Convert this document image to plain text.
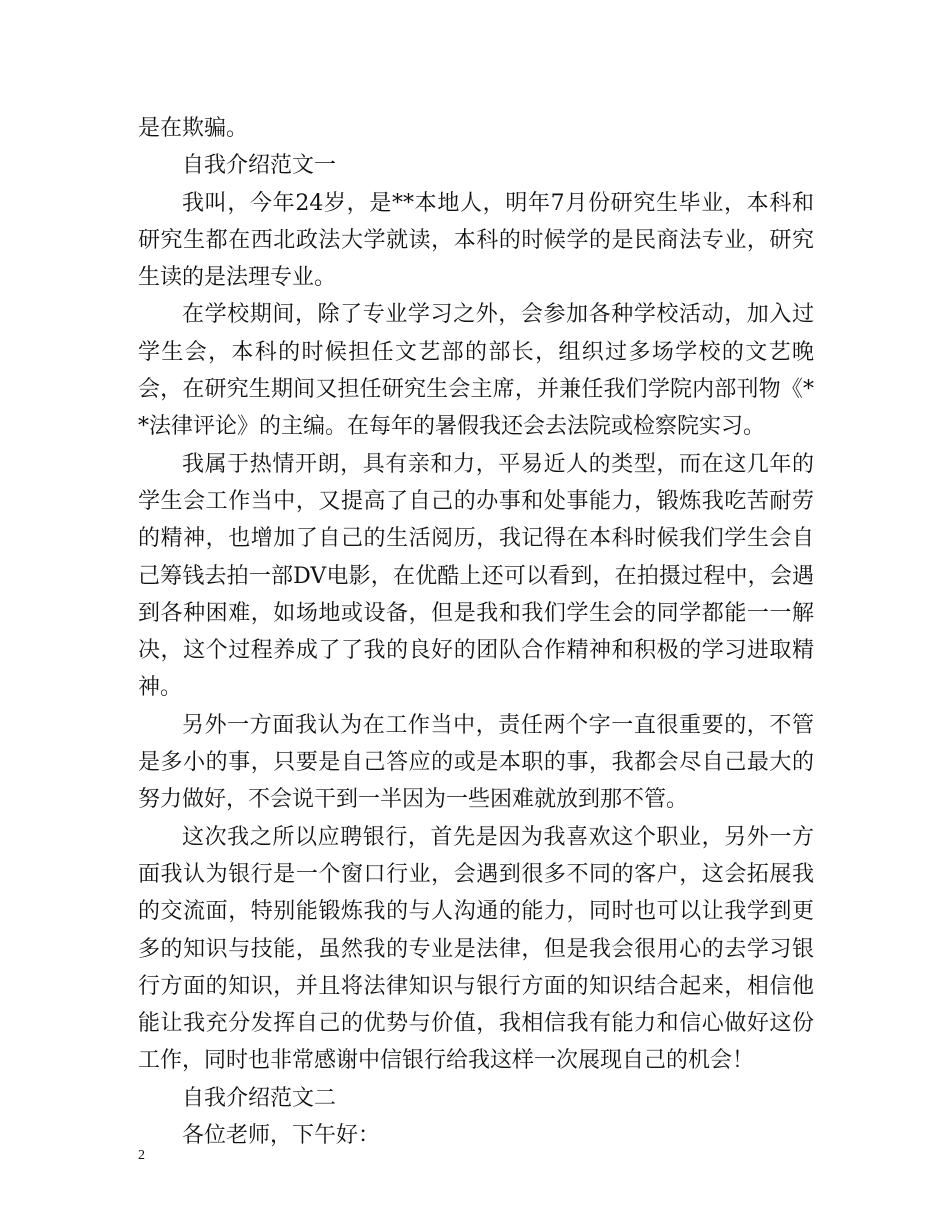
是在欺骗。

自我介绍范文一

我叫，今年24岁，是**本地人，明年7月份研究生毕业，本科和研究生都在西北政法大学就读，本科的时候学的是民商法专业，研究生读的是法理专业。

在学校期间，除了专业学习之外，会参加各种学校活动，加入过学生会，本科的时候担任文艺部的部长，组织过多场学校的文艺晚会，在研究生期间又担任研究生会主席，并兼任我们学院内部刊物《**法律评论》的主编。在每年的暑假我还会去法院或检察院实习。

我属于热情开朗，具有亲和力，平易近人的类型，而在这几年的学生会工作当中，又提高了自己的办事和处事能力，锻炼我吃苦耐劳的精神，也增加了自己的生活阅历，我记得在本科时候我们学生会自己筹钱去拍一部DV电影，在优酷上还可以看到，在拍摄过程中，会遇到各种困难，如场地或设备，但是我和我们学生会的同学都能一一解决，这个过程养成了了我的良好的团队合作精神和积极的学习进取精神。

另外一方面我认为在工作当中，责任两个字一直很重要的，不管是多小的事，只要是自己答应的或是本职的事，我都会尽自己最大的努力做好，不会说干到一半因为一些困难就放到那不管。

这次我之所以应聘银行，首先是因为我喜欢这个职业，另外一方面我认为银行是一个窗口行业，会遇到很多不同的客户，这会拓展我的交流面，特别能锻炼我的与人沟通的能力，同时也可以让我学到更多的知识与技能，虽然我的专业是法律，但是我会很用心的去学习银行方面的知识，并且将法律知识与银行方面的知识结合起来，相信他能让我充分发挥自己的优势与价值，我相信我有能力和信心做好这份工作，同时也非常感谢中信银行给我这样一次展现自己的机会！

自我介绍范文二

各位老师，下午好：

2
